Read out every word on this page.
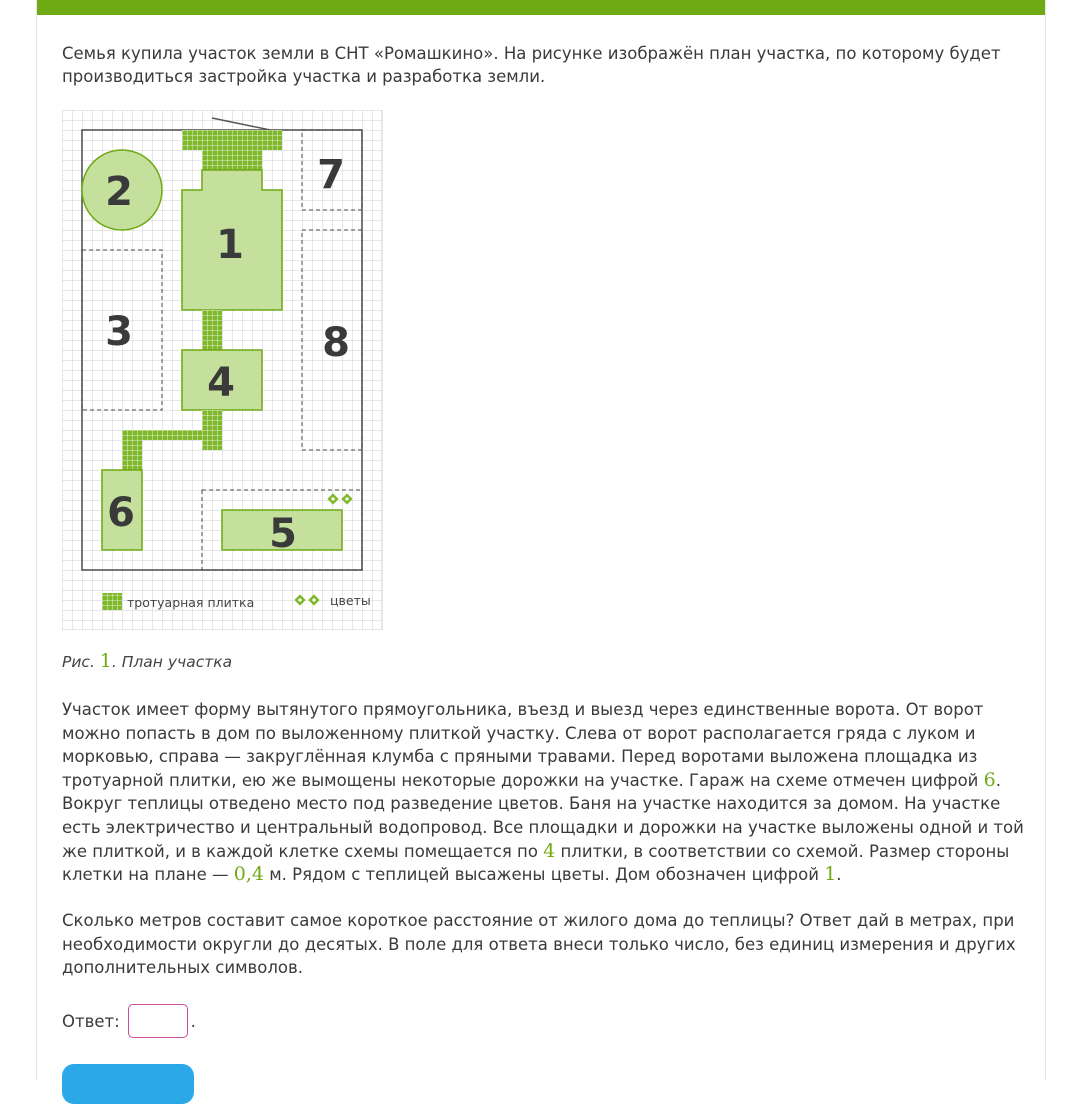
Семья купила участок земли в СНТ «Ромашкино». На рисунке изображён план участка, по которому будет производиться застройка участка и разработка земли.

1
2
3
4
5
6
7
8
тротуарная плитка	цветы

Рис. 1. План участка

Участок имеет форму вытянутого прямоугольника, въезд и выезд через единственные ворота. От ворот можно попасть в дом по выложенному плиткой участку. Слева от ворот располагается гряда с луком и морковью, справа — закруглённая клумба с пряными травами. Перед воротами выложена площадка из тротуарной плитки, ею же вымощены некоторые дорожки на участке. Гараж на схеме отмечен цифрой 6. Вокруг теплицы отведено место под разведение цветов. Баня на участке находится за домом. На участке есть электричество и центральный водопровод. Все площадки и дорожки на участке выложены одной и той же плиткой, и в каждой клетке схемы помещается по 4 плитки, в соответствии со схемой. Размер стороны клетки на плане — 0,4 м. Рядом с теплицей высажены цветы. Дом обозначен цифрой 1.

Сколько метров составит самое короткое расстояние от жилого дома до теплицы? Ответ дай в метрах, при необходимости округли до десятых. В поле для ответа внеси только число, без единиц измерения и других дополнительных символов.

Ответ:	.
